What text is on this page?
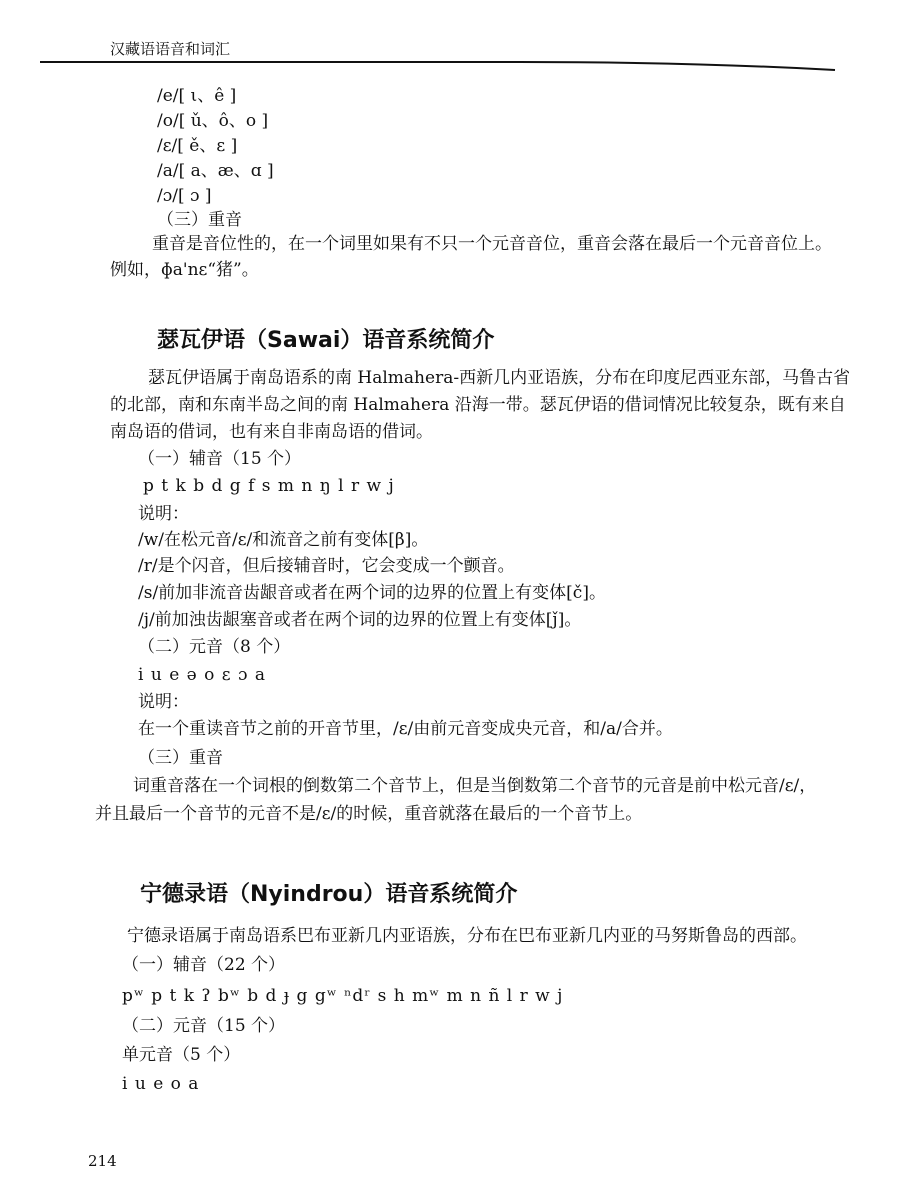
汉藏语语音和词汇
/e/[ ι、ê ]
/o/[ ǔ、ô、o ]
/ε/[ ě、ε ]
/a/[ a、æ、ɑ ]
/ɔ/[ ɔ ]
（三）重音
重音是音位性的，在一个词里如果有不只一个元音音位，重音会落在最后一个元音音位上。
例如，ɸa'nε“猪”。
瑟瓦伊语（Sawai）语音系统简介
瑟瓦伊语属于南岛语系的南 Halmahera-西新几内亚语族，分布在印度尼西亚东部，马鲁古省
的北部，南和东南半岛之间的南 Halmahera 沿海一带。瑟瓦伊语的借词情况比较复杂，既有来自
南岛语的借词，也有来自非南岛语的借词。
（一）辅音（15 个）
p t k b d g f s m n ŋ l r w j
说明：
/w/在松元音/ε/和流音之前有变体[β]。
/r/是个闪音，但后接辅音时，它会变成一个颤音。
/s/前加非流音齿龈音或者在两个词的边界的位置上有变体[č]。
/j/前加浊齿龈塞音或者在两个词的边界的位置上有变体[ǰ]。
（二）元音（8 个）
i u e ə o ε ɔ a
说明：
在一个重读音节之前的开音节里，/ε/由前元音变成央元音，和/a/合并。
（三）重音
词重音落在一个词根的倒数第二个音节上，但是当倒数第二个音节的元音是前中松元音/ε/，
并且最后一个音节的元音不是/ε/的时候，重音就落在最后的一个音节上。
宁德录语（Nyindrou）语音系统简介
宁德录语属于南岛语系巴布亚新几内亚语族，分布在巴布亚新几内亚的马努斯鲁岛的西部。
（一）辅音（22 个）
pʷ p t k ʔ bʷ b d ɟ g gʷ ⁿdʳ s h mʷ m n ñ l r w j
（二）元音（15 个）
单元音（5 个）
i u e o a
214
